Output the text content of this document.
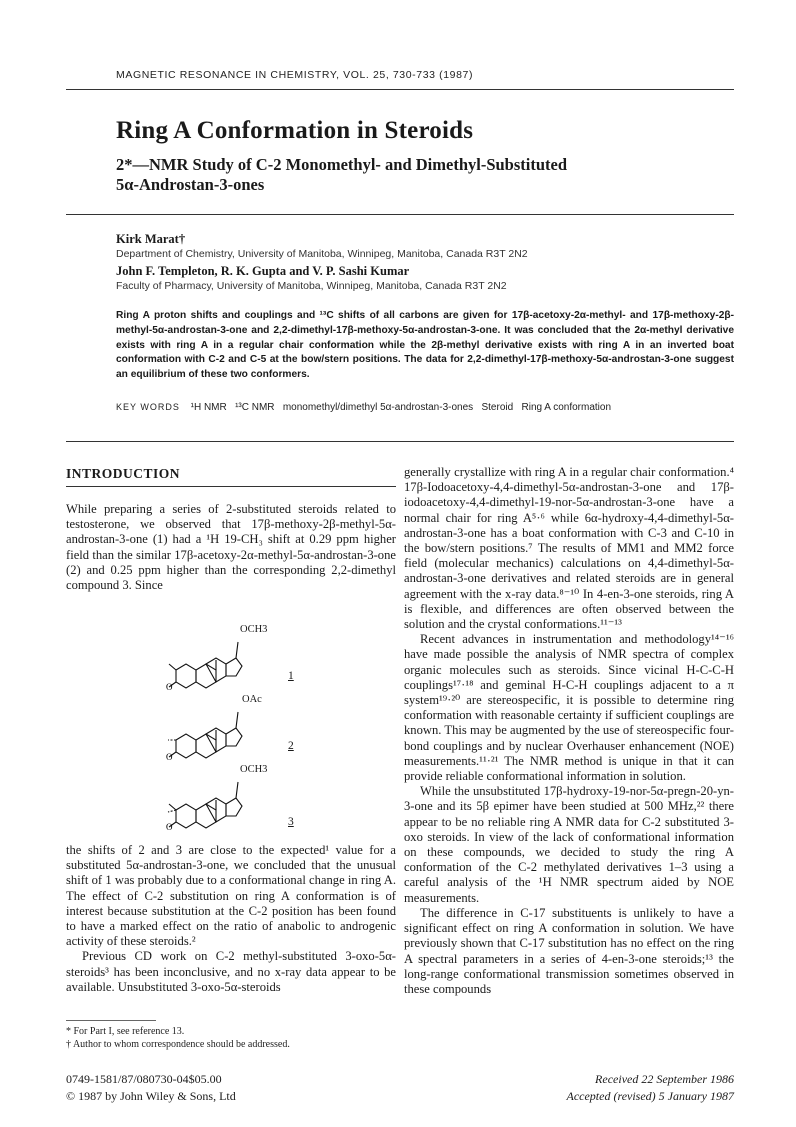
MAGNETIC RESONANCE IN CHEMISTRY, VOL. 25, 730-733 (1987)
Ring A Conformation in Steroids
2*—NMR Study of C-2 Monomethyl- and Dimethyl-Substituted
5α-Androstan-3-ones
Kirk Marat†
Department of Chemistry, University of Manitoba, Winnipeg, Manitoba, Canada R3T 2N2
John F. Templeton, R. K. Gupta and V. P. Sashi Kumar
Faculty of Pharmacy, University of Manitoba, Winnipeg, Manitoba, Canada R3T 2N2
Ring A proton shifts and couplings and ¹³C shifts of all carbons are given for 17β-acetoxy-2α-methyl- and 17β-methoxy-2β-methyl-5α-androstan-3-one and 2,2-dimethyl-17β-methoxy-5α-androstan-3-one. It was concluded that the 2α-methyl derivative exists with ring A in a regular chair conformation while the 2β-methyl derivative exists with ring A in an inverted boat conformation with C-2 and C-5 at the bow/stern positions. The data for 2,2-dimethyl-17β-methoxy-5α-androstan-3-one suggest an equilibrium of these two conformers.
KEY WORDS ¹H NMR   ¹³C NMR   monomethyl/dimethyl 5α-androstan-3-ones   Steroid   Ring A conformation
INTRODUCTION

While preparing a series of 2-substituted steroids related to testosterone, we observed that 17β-methoxy-2β-methyl-5α-androstan-3-one (1) had a ¹H 19-CH₃ shift at 0.29 ppm higher field than the similar 17β-acetoxy-2α-methyl-5α-androstan-3-one (2) and 0.25 ppm higher than the corresponding 2,2-dimethyl compound 3. Since

O
OCH3
1
O
OAc
2
O
OCH3
3

the shifts of 2 and 3 are close to the expected¹ value for a substituted 5α-androstan-3-one, we concluded that the unusual shift of 1 was probably due to a conformational change in ring A. The effect of C-2 substitution on ring A conformation is of interest because substitution at the C-2 position has been found to have a marked effect on the ratio of anabolic to androgenic activity of these steroids.²

Previous CD work on C-2 methyl-substituted 3-oxo-5α-steroids³ has been inconclusive, and no x-ray data appear to be available. Unsubstituted 3-oxo-5α-steroids

* For Part I, see reference 13.
† Author to whom correspondence should be addressed.

generally crystallize with ring A in a regular chair conformation.⁴ 17β-Iodoacetoxy-4,4-dimethyl-5α-androstan-3-one and 17β-iodoacetoxy-4,4-dimethyl-19-nor-5α-androstan-3-one have a normal chair for ring A⁵·⁶ while 6α-hydroxy-4,4-dimethyl-5α-androstan-3-one has a boat conformation with C-3 and C-10 in the bow/stern positions.⁷ The results of MM1 and MM2 force field (molecular mechanics) calculations on 4,4-dimethyl-5α-androstan-3-one derivatives and related steroids are in general agreement with the x-ray data.⁸⁻¹⁰ In 4-en-3-one steroids, ring A is flexible, and differences are often observed between the solution and the crystal conformations.¹¹⁻¹³

Recent advances in instrumentation and methodology¹⁴⁻¹⁶ have made possible the analysis of NMR spectra of complex organic molecules such as steroids. Since vicinal H-C-C-H couplings¹⁷·¹⁸ and geminal H-C-H couplings adjacent to a π system¹⁹·²⁰ are stereospecific, it is possible to determine ring conformation with reasonable certainty if sufficient couplings are known. This may be augmented by the use of stereospecific four-bond couplings and by nuclear Overhauser enhancement (NOE) measurements.¹¹·²¹ The NMR method is unique in that it can provide reliable conformational information in solution.

While the unsubstituted 17β-hydroxy-19-nor-5α-pregn-20-yn-3-one and its 5β epimer have been studied at 500 MHz,²² there appear to be no reliable ring A NMR data for C-2 substituted 3-oxo steroids. In view of the lack of conformational information on these compounds, we decided to study the ring A conformation of the C-2 methylated derivatives 1–3 using a careful analysis of the ¹H NMR spectrum aided by NOE measurements.

The difference in C-17 substituents is unlikely to have a significant effect on ring A conformation in solution. We have previously shown that C-17 substitution has no effect on the ring A spectral parameters in a series of 4-en-3-one steroids;¹³ the long-range conformational transmission sometimes observed in these compounds

0749-1581/87/080730-04$05.00
© 1987 by John Wiley & Sons, Ltd
Received 22 September 1986
Accepted (revised) 5 January 1987
